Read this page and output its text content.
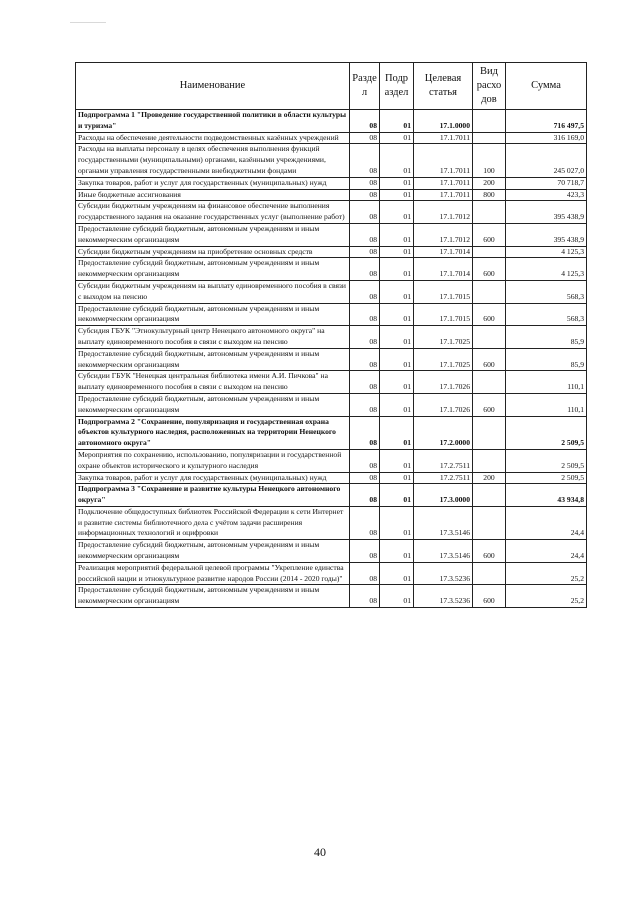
Наименование	Разде л	Подр аздел	Целевая статья	Вид расхо дов	Сумма
Подпрограмма 1 "Проведение государственной политики в области культуры и туризма"	08	01	17.1.0000		716 497,5
Расходы на обеспечение деятельности подведомственных казённых учреждений	08	01	17.1.7011		316 169,0
Расходы на выплаты персоналу в целях обеспечения выполнения функций государственными (муниципальными) органами, казёнными учреждениями, органами управления государственными внебюджетными фондами	08	01	17.1.7011	100	245 027,0
Закупка товаров, работ и услуг для государственных (муниципальных) нужд	08	01	17.1.7011	200	70 718,7
Иные бюджетные ассигнования	08	01	17.1.7011	800	423,3
Субсидии бюджетным учреждениям на финансовое обеспечение выполнения государственного задания на оказание государственных услуг (выполнение работ)	08	01	17.1.7012		395 438,9
Предоставление субсидий бюджетным, автономным учреждениям и иным некоммерческим организациям	08	01	17.1.7012	600	395 438,9
Субсидии бюджетным учреждениям на приобретение основных средств	08	01	17.1.7014		4 125,3
Предоставление субсидий бюджетным, автономным учреждениям и иным некоммерческим организациям	08	01	17.1.7014	600	4 125,3
Субсидии бюджетным учреждениям на выплату единовременного пособия в связи с выходом на пенсию	08	01	17.1.7015		568,3
Предоставление субсидий бюджетным, автономным учреждениям и иным некоммерческим организациям	08	01	17.1.7015	600	568,3
Субсидия ГБУК "Этнокультурный центр Ненецкого автономного округа" на выплату единовременного пособия в связи с выходом на пенсию	08	01	17.1.7025		85,9
Предоставление субсидий бюджетным, автономным учреждениям и иным некоммерческим организациям	08	01	17.1.7025	600	85,9
Субсидии ГБУК "Ненецкая центральная библиотека имени А.И. Пичкова" на выплату единовременного пособия в связи с выходом на пенсию	08	01	17.1.7026		110,1
Предоставление субсидий бюджетным, автономным учреждениям и иным некоммерческим организациям	08	01	17.1.7026	600	110,1
Подпрограмма 2 "Сохранение, популяризация и государственная охрана объектов культурного наследия, расположенных на территории Ненецкого автономного округа"	08	01	17.2.0000		2 509,5
Мероприятия по сохранению, использованию, популяризации и государственной охране объектов исторического и культурного наследия	08	01	17.2.7511		2 509,5
Закупка товаров, работ и услуг для государственных (муниципальных) нужд	08	01	17.2.7511	200	2 509,5
Подпрограмма 3 "Сохранение и развитие культуры Ненецкого автономного округа"	08	01	17.3.0000		43 934,8
Подключение общедоступных библиотек Российской Федерации к сети Интернет и развитие системы библиотечного дела с учётом задачи расширения информационных технологий и оцифровки	08	01	17.3.5146		24,4
Предоставление субсидий бюджетным, автономным учреждениям и иным некоммерческим организациям	08	01	17.3.5146	600	24,4
Реализация мероприятий федеральной целевой программы "Укрепление единства российской нации и этнокультурное развитие народов России (2014 - 2020 годы)"	08	01	17.3.5236		25,2
Предоставление субсидий бюджетным, автономным учреждениям и иным некоммерческим организациям	08	01	17.3.5236	600	25,2
40
